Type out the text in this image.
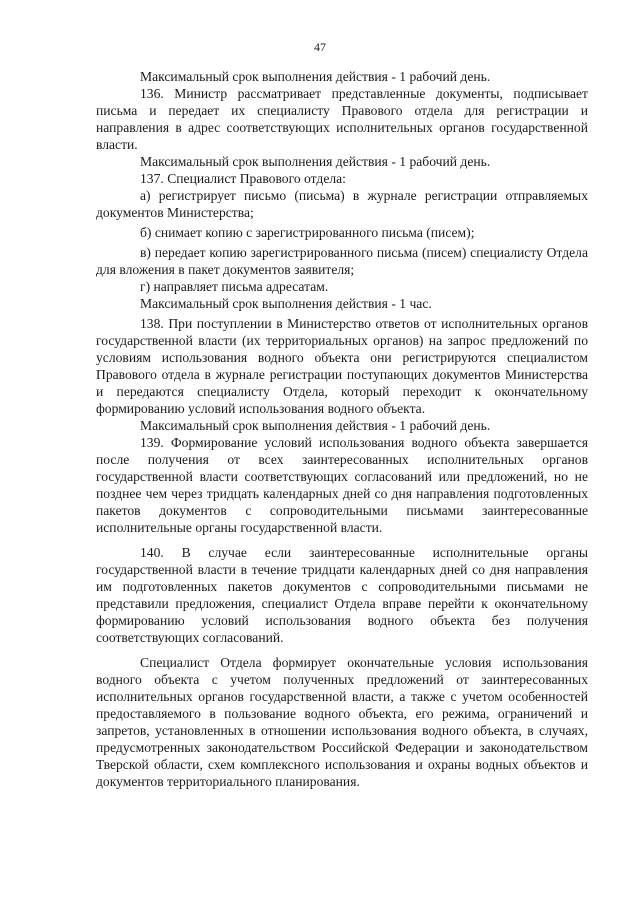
47

Максимальный срок выполнения действия - 1 рабочий день.

136. Министр рассматривает представленные документы, подписывает письма и передает их специалисту Правового отдела для регистрации и направления в адрес соответствующих исполнительных органов государственной власти.

Максимальный срок выполнения действия - 1 рабочий день.

137. Специалист Правового отдела:

а) регистрирует письмо (письма) в журнале регистрации отправляемых документов Министерства;

б) снимает копию с зарегистрированного письма (писем);

в) передает копию зарегистрированного письма (писем) специалисту Отдела для вложения в пакет документов заявителя;

г) направляет письма адресатам.

Максимальный срок выполнения действия - 1 час.

138. При поступлении в Министерство ответов от исполнительных органов государственной власти (их территориальных органов) на запрос предложений по условиям использования водного объекта они регистрируются специалистом Правового отдела в журнале регистрации поступающих документов Министерства и передаются специалисту Отдела, который переходит к окончательному формированию условий использования водного объекта.

Максимальный срок выполнения действия - 1 рабочий день.

139. Формирование условий использования водного объекта завершается после получения от всех заинтересованных исполнительных органов государственной власти соответствующих согласований или предложений, но не позднее чем через тридцать календарных дней со дня направления подготовленных пакетов документов с сопроводительными письмами заинтересованные исполнительные органы государственной власти.

140. В случае если заинтересованные исполнительные органы государственной власти в течение тридцати календарных дней со дня направления им подготовленных пакетов документов с сопроводительными письмами не представили предложения, специалист Отдела вправе перейти к окончательному формированию условий использования водного объекта без получения соответствующих согласований.

Специалист Отдела формирует окончательные условия использования водного объекта с учетом полученных предложений от заинтересованных исполнительных органов государственной власти, а также с учетом особенностей предоставляемого в пользование водного объекта, его режима, ограничений и запретов, установленных в отношении использования водного объекта, в случаях, предусмотренных законодательством Российской Федерации и законодательством Тверской области, схем комплексного использования и охраны водных объектов и документов территориального планирования.
